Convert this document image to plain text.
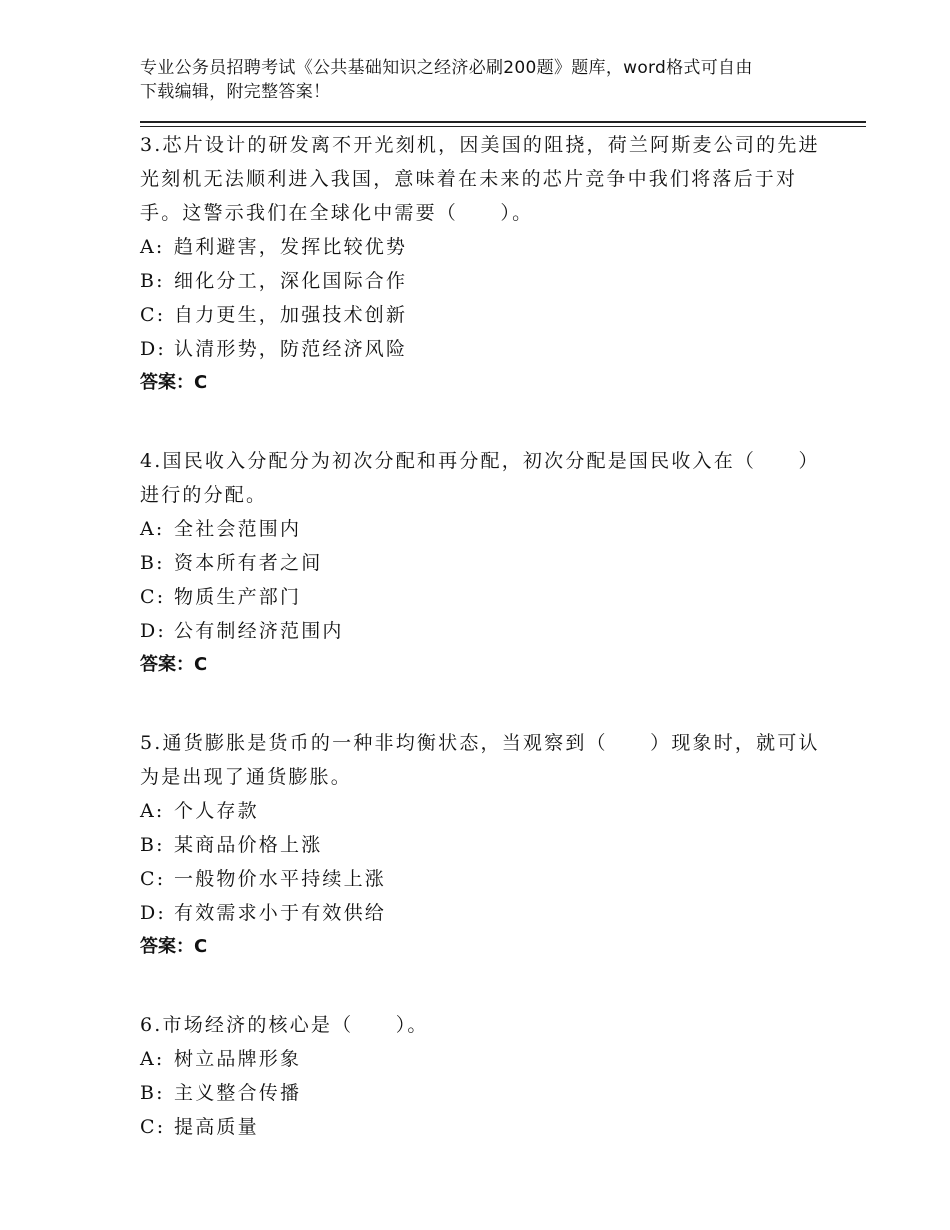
专业公务员招聘考试《公共基础知识之经济必刷200题》题库，word格式可自由
下载编辑，附完整答案！

3.芯片设计的研发离不开光刻机，因美国的阻挠，荷兰阿斯麦公司的先进光刻机无法顺利进入我国，意味着在未来的芯片竞争中我们将落后于对手。这警示我们在全球化中需要（　　）。

A: 趋利避害，发挥比较优势

B: 细化分工，深化国际合作

C: 自力更生，加强技术创新

D: 认清形势，防范经济风险

答案：C

4.国民收入分配分为初次分配和再分配，初次分配是国民收入在（　　）进行的分配。

A: 全社会范围内

B: 资本所有者之间

C: 物质生产部门

D: 公有制经济范围内

答案：C

5.通货膨胀是货币的一种非均衡状态，当观察到（　　）现象时，就可认为是出现了通货膨胀。

A: 个人存款

B: 某商品价格上涨

C: 一般物价水平持续上涨

D: 有效需求小于有效供给

答案：C

6.市场经济的核心是（　　）。

A: 树立品牌形象

B: 主义整合传播

C: 提高质量
